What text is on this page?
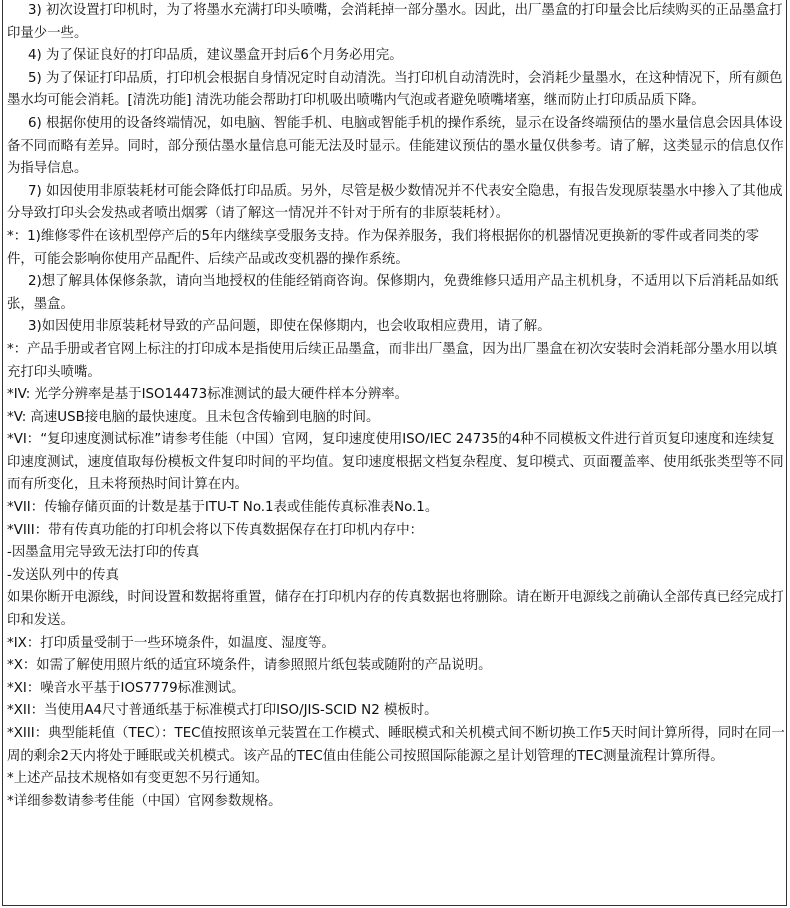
3) 初次设置打印机时，为了将墨水充满打印头喷嘴，会消耗掉一部分墨水。因此，出厂墨盒的打印量会比后续购买的正品墨盒打印量少一些。

4) 为了保证良好的打印品质，建议墨盒开封后6个月务必用完。

5) 为了保证打印品质，打印机会根据自身情况定时自动清洗。当打印机自动清洗时，会消耗少量墨水，在这种情况下，所有颜色墨水均可能会消耗。[清洗功能] 清洗功能会帮助打印机吸出喷嘴内气泡或者避免喷嘴堵塞，继而防止打印质品质下降。

6) 根据你使用的设备终端情况，如电脑、智能手机、电脑或智能手机的操作系统，显示在设备终端预估的墨水量信息会因具体设备不同而略有差异。同时，部分预估墨水量信息可能无法及时显示。佳能建议预估的墨水量仅供参考。请了解，这类显示的信息仅作为指导信息。

7) 如因使用非原装耗材可能会降低打印品质。另外，尽管是极少数情况并不代表安全隐患，有报告发现原装墨水中掺入了其他成分导致打印头会发热或者喷出烟雾（请了解这一情况并不针对于所有的非原装耗材）。

*：1)维修零件在该机型停产后的5年内继续享受服务支持。作为保养服务，我们将根据你的机器情况更换新的零件或者同类的零件，可能会影响你使用产品配件、后续产品或改变机器的操作系统。

2)想了解具体保修条款，请向当地授权的佳能经销商咨询。保修期内，免费维修只适用产品主机机身，不适用以下后消耗品如纸张，墨盒。

3)如因使用非原装耗材导致的产品问题，即使在保修期内，也会收取相应费用，请了解。

*：产品手册或者官网上标注的打印成本是指使用后续正品墨盒，而非出厂墨盒，因为出厂墨盒在初次安装时会消耗部分墨水用以填充打印头喷嘴。

*IV: 光学分辨率是基于ISO14473标准测试的最大硬件样本分辨率。

*V: 高速USB接电脑的最快速度。且未包含传输到电脑的时间。

*VI：“复印速度测试标准”请参考佳能（中国）官网，复印速度使用ISO/IEC 24735的4种不同模板文件进行首页复印速度和连续复印速度测试，速度值取每份模板文件复印时间的平均值。复印速度根据文档复杂程度、复印模式、页面覆盖率、使用纸张类型等不同而有所变化，且未将预热时间计算在内。

*VII：传输存储页面的计数是基于ITU-T No.1表或佳能传真标准表No.1。

*VIII：带有传真功能的打印机会将以下传真数据保存在打印机内存中：

-因墨盒用完导致无法打印的传真

-发送队列中的传真

如果你断开电源线，时间设置和数据将重置，储存在打印机内存的传真数据也将删除。请在断开电源线之前确认全部传真已经完成打印和发送。

*IX：打印质量受制于一些环境条件，如温度、湿度等。

*X：如需了解使用照片纸的适宜环境条件，请参照照片纸包装或随附的产品说明。

*XI：噪音水平基于IOS7779标准测试。

*XII：当使用A4尺寸普通纸基于标准模式打印ISO/JIS-SCID N2 模板时。

*XIII：典型能耗值（TEC）：TEC值按照该单元装置在工作模式、睡眠模式和关机模式间不断切换工作5天时间计算所得，同时在同一周的剩余2天内将处于睡眠或关机模式。该产品的TEC值由佳能公司按照国际能源之星计划管理的TEC测量流程计算所得。

*上述产品技术规格如有变更恕不另行通知。

*详细参数请参考佳能（中国）官网参数规格。
